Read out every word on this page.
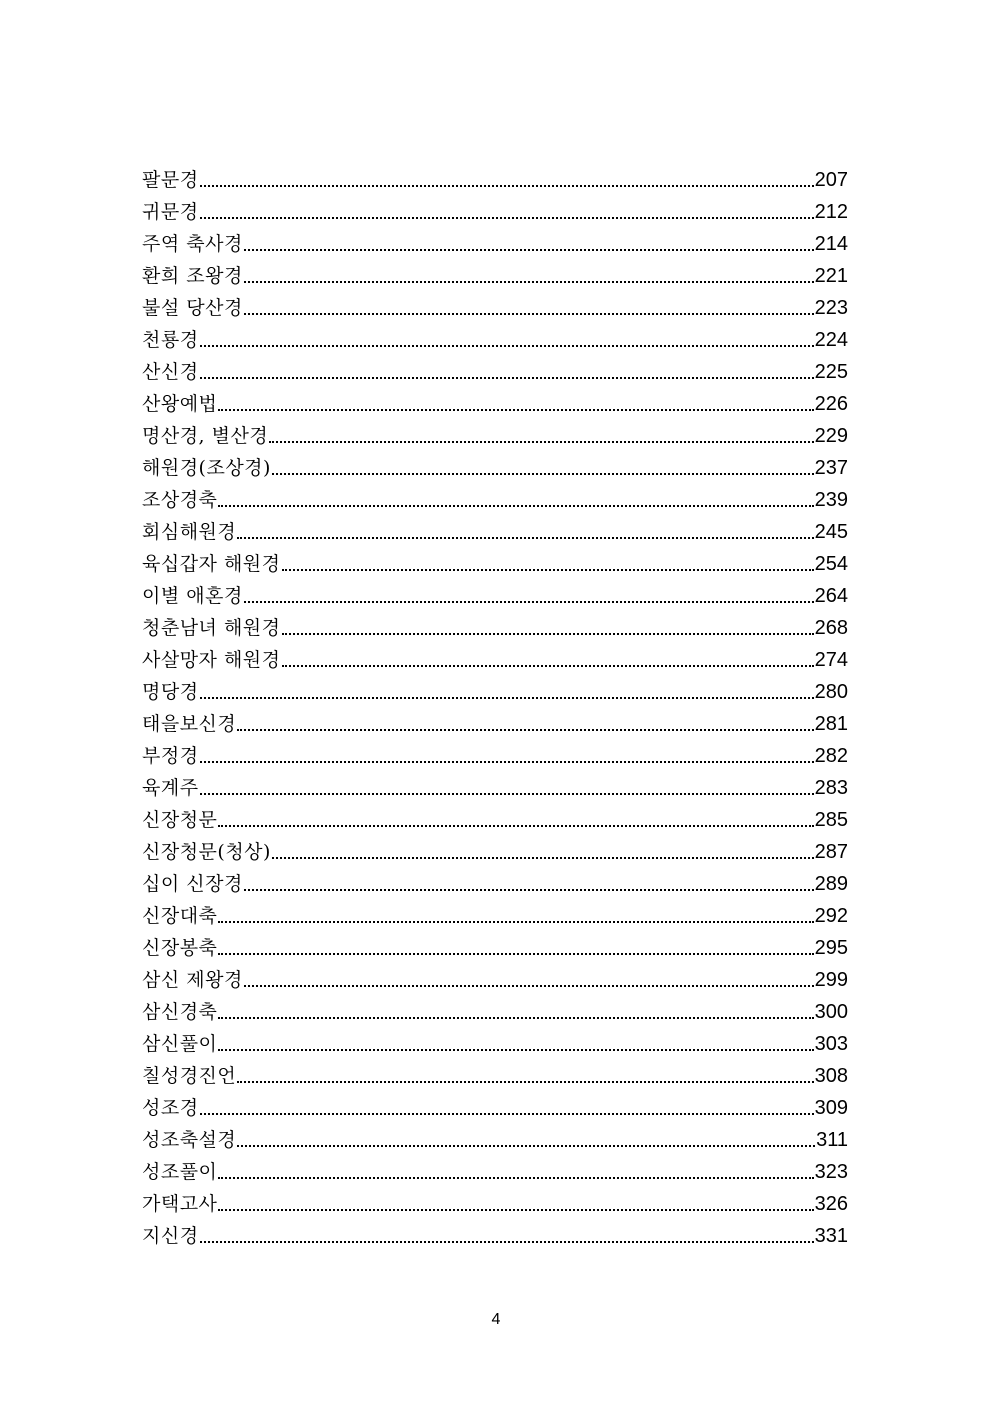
팔문경	207
귀문경	212
주역 축사경	214
환희 조왕경	221
불설 당산경	223
천룡경	224
산신경	225
산왕예법	226
명산경, 별산경	229
해원경(조상경)	237
조상경축	239
회심해원경	245
육십갑자 해원경	254
이별 애혼경	264
청춘남녀 해원경	268
사살망자 해원경	274
명당경	280
태을보신경	281
부정경	282
육계주	283
신장청문	285
신장청문(청상)	287
십이 신장경	289
신장대축	292
신장봉축	295
삼신 제왕경	299
삼신경축	300
삼신풀이	303
칠성경진언	308
성조경	309
성조축설경	311
성조풀이	323
가택고사	326
지신경	331
4
